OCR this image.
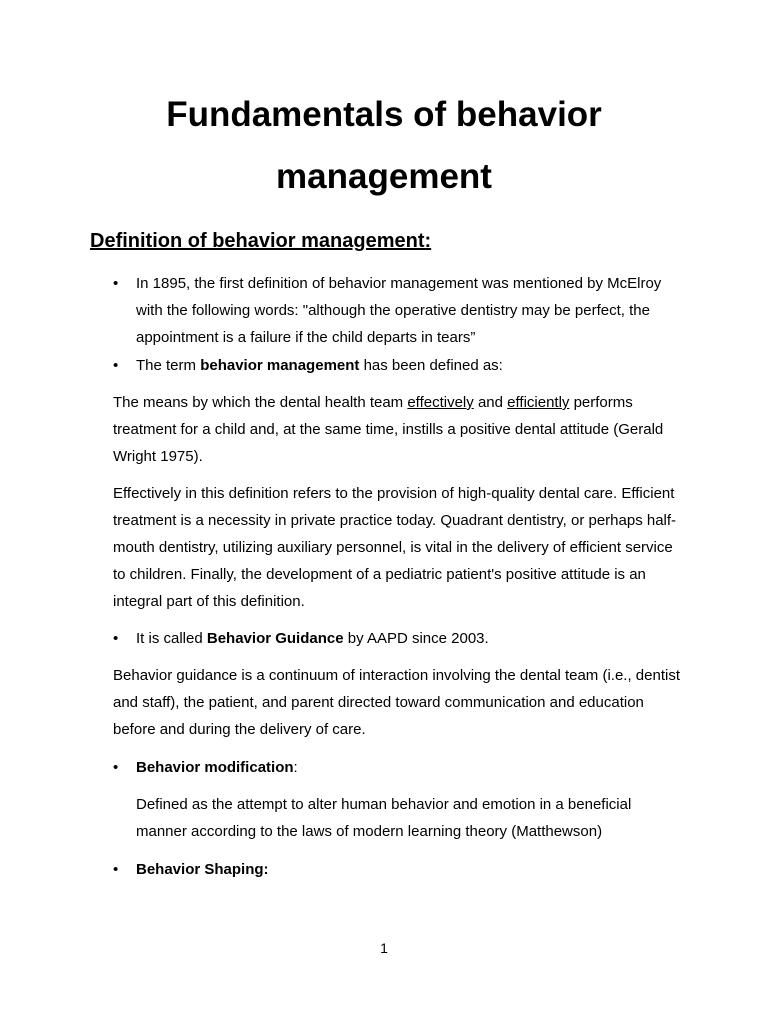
Fundamentals of behavior
management
Definition of behavior management:
• In 1895, the first definition of behavior management was mentioned by McElroy with the following words: "although the operative dentistry may be perfect, the appointment is a failure if the child departs in tears”
• The term behavior management has been defined as:

The means by which the dental health team effectively and efficiently performs treatment for a child and, at the same time, instills a positive dental attitude (Gerald Wright 1975).

Effectively in this definition refers to the provision of high-quality dental care. Efficient treatment is a necessity in private practice today. Quadrant dentistry, or perhaps half-mouth dentistry, utilizing auxiliary personnel, is vital in the delivery of efficient service to children. Finally, the development of a pediatric patient's positive attitude is an integral part of this definition.

• It is called Behavior Guidance by AAPD since 2003.

Behavior guidance is a continuum of interaction involving the dental team (i.e., dentist and staff), the patient, and parent directed toward communication and education before and during the delivery of care.

• Behavior modification:

Defined as the attempt to alter human behavior and emotion in a beneficial manner according to the laws of modern learning theory (Matthewson)

• Behavior Shaping:
1
